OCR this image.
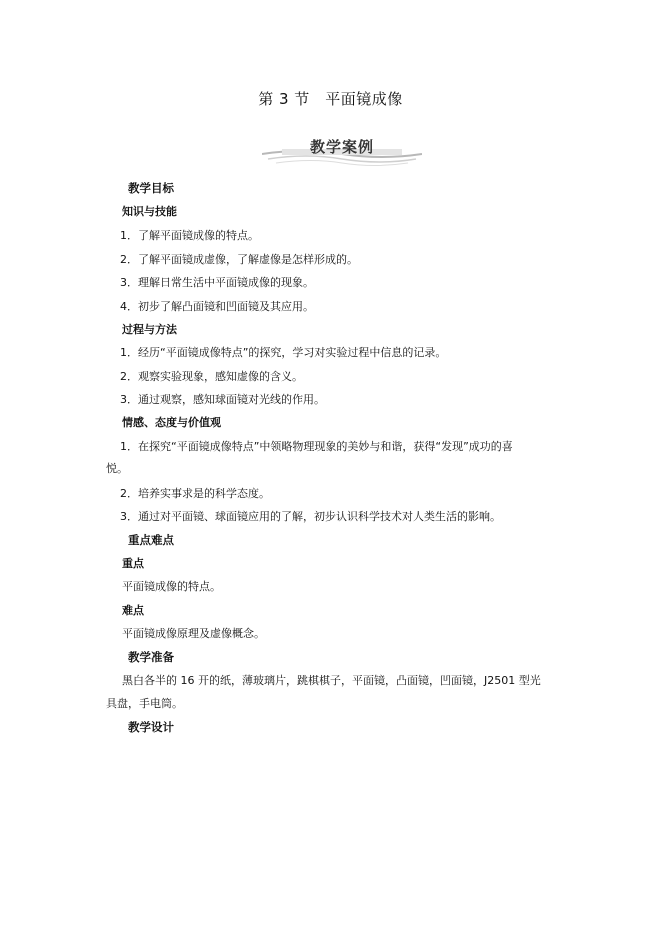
第 3 节　平面镜成像
教学案例
教学目标
知识与技能
1．了解平面镜成像的特点。
2．了解平面镜成虚像，了解虚像是怎样形成的。
3．理解日常生活中平面镜成像的现象。
4．初步了解凸面镜和凹面镜及其应用。
过程与方法
1．经历“平面镜成像特点”的探究，学习对实验过程中信息的记录。
2．观察实验现象，感知虚像的含义。
3．通过观察，感知球面镜对光线的作用。
情感、态度与价值观
1．在探究“平面镜成像特点”中领略物理现象的美妙与和谐，获得“发现”成功的喜
悦。
2．培养实事求是的科学态度。
3．通过对平面镜、球面镜应用的了解，初步认识科学技术对人类生活的影响。
重点难点
重点
平面镜成像的特点。
难点
平面镜成像原理及虚像概念。
教学准备
黑白各半的 16 开的纸，薄玻璃片，跳棋棋子，平面镜，凸面镜，凹面镜，J2501 型光
具盘，手电筒。
教学设计
